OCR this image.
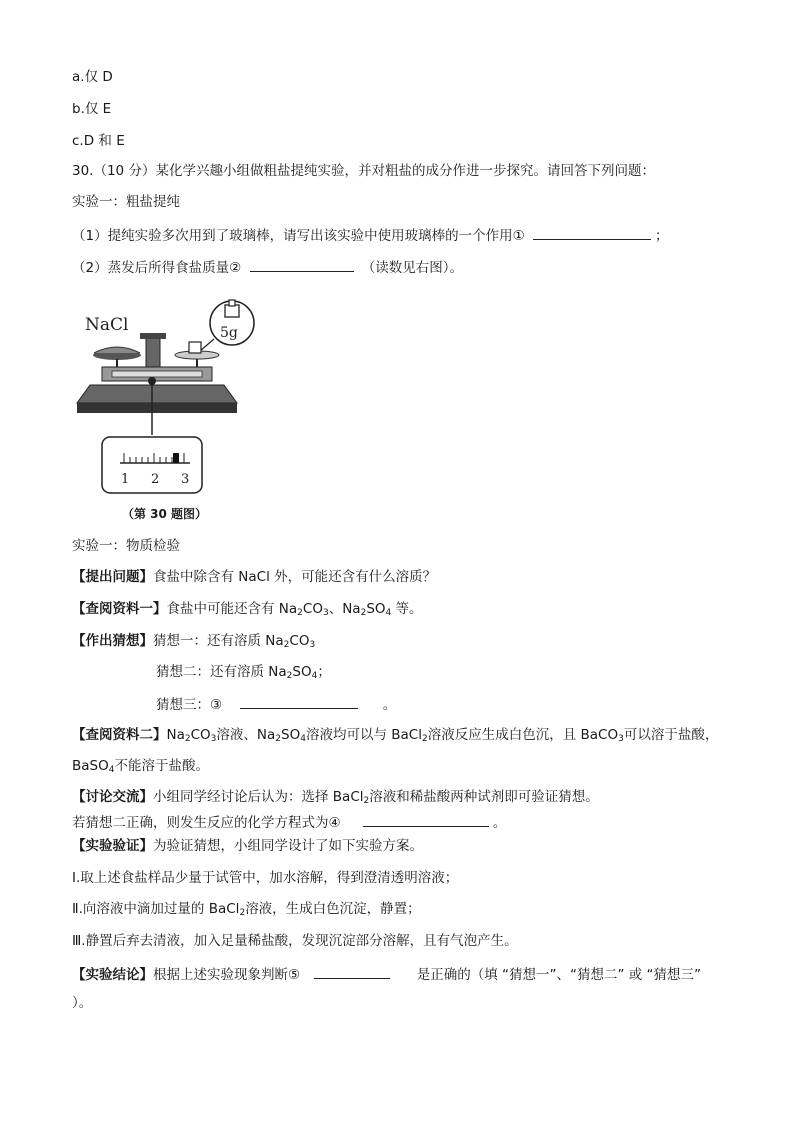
a.仅 D
b.仅 E
c.D 和 E
30.（10 分）某化学兴趣小组做粗盐提纯实验，并对粗盐的成分作进一步探究。请回答下列问题：
实验一：粗盐提纯
（1）提纯实验多次用到了玻璃棒，请写出该实验中使用玻璃棒的一个作用①	；
（2）蒸发后所得食盐质量②	（读数见右图）。
NaCl	5g
1 2 3
（第 30 题图）
实验一：物质检验
【提出问题】食盐中除含有 NaCl 外，可能还含有什么溶质？
【查阅资料一】食盐中可能还含有 $Na_2CO_3$、$Na_2SO_4$ 等。
【作出猜想】猜想一：还有溶质 $Na_2CO_3$
猜想二：还有溶质 $Na_2SO_4$；
猜想三：③	。
【查阅资料二】$Na_2CO_3$溶液、$Na_2SO_4$溶液均可以与 BaCl$_2$溶液反应生成白色沉，且 BaCO$_3$可以溶于盐酸，
BaSO$_4$不能溶于盐酸。
【讨论交流】小组同学经讨论后认为：选择 BaCl$_2$溶液和稀盐酸两种试剂即可验证猜想。
若猜想二正确，则发生反应的化学方程式为④	。
【实验验证】为验证猜想，小组同学设计了如下实验方案。
Ⅰ.取上述食盐样品少量于试管中，加水溶解，得到澄清透明溶液；
Ⅱ.向溶液中滴加过量的 BaCl$_2$溶液，生成白色沉淀，静置；
Ⅲ.静置后弃去清液，加入足量稀盐酸，发现沉淀部分溶解，且有气泡产生。
【实验结论】根据上述实验现象判断⑤	是正确的（填 “猜想一”、“猜想二” 或 “猜想三”
）。
